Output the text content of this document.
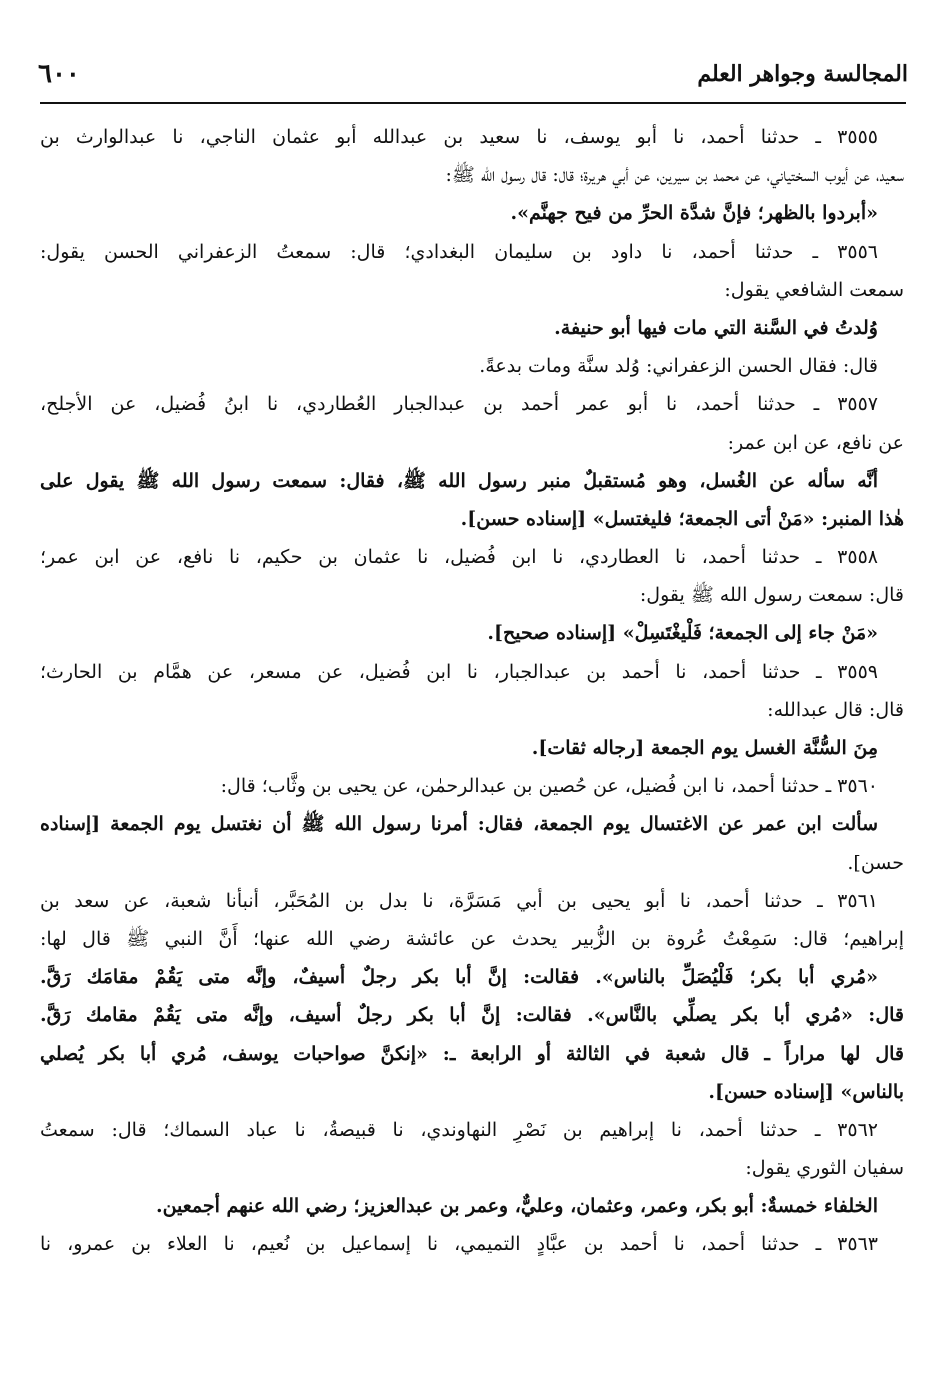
المجالسة وجواهر العلم
٦٠٠
٣٥٥٥ ـ حدثنا أحمد، نا أبو يوسف، نا سعيد بن عبدالله أبو عثمان الناجي، نا عبدالوارث بن
سعيد، عن أيوب السختياني، عن محمد بن سيرين، عن أبي هريرة؛ قال: قال رسول الله ﷺ:
«أبردوا بالظهر؛ فإنَّ شدَّة الحرِّ من فيح جهنَّم».
٣٥٥٦ ـ حدثنا أحمد، نا داود بن سليمان البغدادي؛ قال: سمعتُ الزعفراني الحسن يقول:
سمعت الشافعي يقول:
وُلدتُ في السَّنة التي مات فيها أبو حنيفة.
قال: فقال الحسن الزعفراني: وُلد سنَّة ومات بدعةً.
٣٥٥٧ ـ حدثنا أحمد، نا أبو عمر أحمد بن عبدالجبار العُطاردي، نا ابنُ فُضيل، عن الأجلح،
عن نافع، عن ابن عمر:
أنَّه سأله عن الغُسل، وهو مُستقبلٌ منبر رسول الله ﷺ، فقال: سمعت رسول الله ﷺ يقول على
هٰذا المنبر: «مَنْ أتى الجمعة؛ فليغتسل» [إسناده حسن].
٣٥٥٨ ـ حدثنا أحمد، نا العطاردي، نا ابن فُضيل، نا عثمان بن حكيم، نا نافع، عن ابن عمر؛
قال: سمعت رسول الله ﷺ يقول:
«مَنْ جاء إلى الجمعة؛ فَلْيغْتَسِلْ» [إسناده صحيح].
٣٥٥٩ ـ حدثنا أحمد، نا أحمد بن عبدالجبار، نا ابن فُضيل، عن مسعر، عن همَّام بن الحارث؛
قال: قال عبدالله:
مِنَ السُّنَّة الغسل يوم الجمعة [رجاله ثقات].
٣٥٦٠ ـ حدثنا أحمد، نا ابن فُضيل، عن حُصين بن عبدالرحمٰن، عن يحيى بن وثَّاب؛ قال:
سألت ابن عمر عن الاغتسال يوم الجمعة، فقال: أمرنا رسول الله ﷺ أن نغتسل يوم الجمعة [إسناده
حسن].
٣٥٦١ ـ حدثنا أحمد، نا أبو يحيى بن أبي مَسَرَّة، نا بدل بن المُحَبَّر، أنبأنا شعبة، عن سعد بن
إبراهيم؛ قال: سَمِعْتُ عُروة بن الزُّبير يحدث عن عائشة رضي الله عنها؛ أَنَّ النبي ﷺ قال لها:
«مُري أبا بكر؛ فَلْيُصَلِّ بالناس». فقالت: إنَّ أبا بكر رجلٌ أسيفٌ، وإنَّه متى يَقُمْ مقامَك رَقَّ.
قال: «مُري أبا بكر يصلِّي بالنَّاس». فقالت: إنَّ أبا بكر رجلٌ أسيف، وإنَّه متى يَقُمْ مقامك رَقَّ.
قال لها مراراً ـ قال شعبة في الثالثة أو الرابعة ـ: «إنكنَّ صواحبات يوسف، مُري أبا بكر يُصلي
بالناس» [إسناده حسن].
٣٥٦٢ ـ حدثنا أحمد، نا إبراهيم بن نَصْرِ النهاوندي، نا قبيصةُ، نا عباد السماك؛ قال: سمعتُ
سفيان الثوري يقول:
الخلفاء خمسةٌ: أبو بكر، وعمر، وعثمان، وعليٌّ، وعمر بن عبدالعزيز؛ رضي الله عنهم أجمعين.
٣٥٦٣ ـ حدثنا أحمد، نا أحمد بن عبَّادٍ التميمي، نا إسماعيل بن نُعيم، نا العلاء بن عمرو، نا
